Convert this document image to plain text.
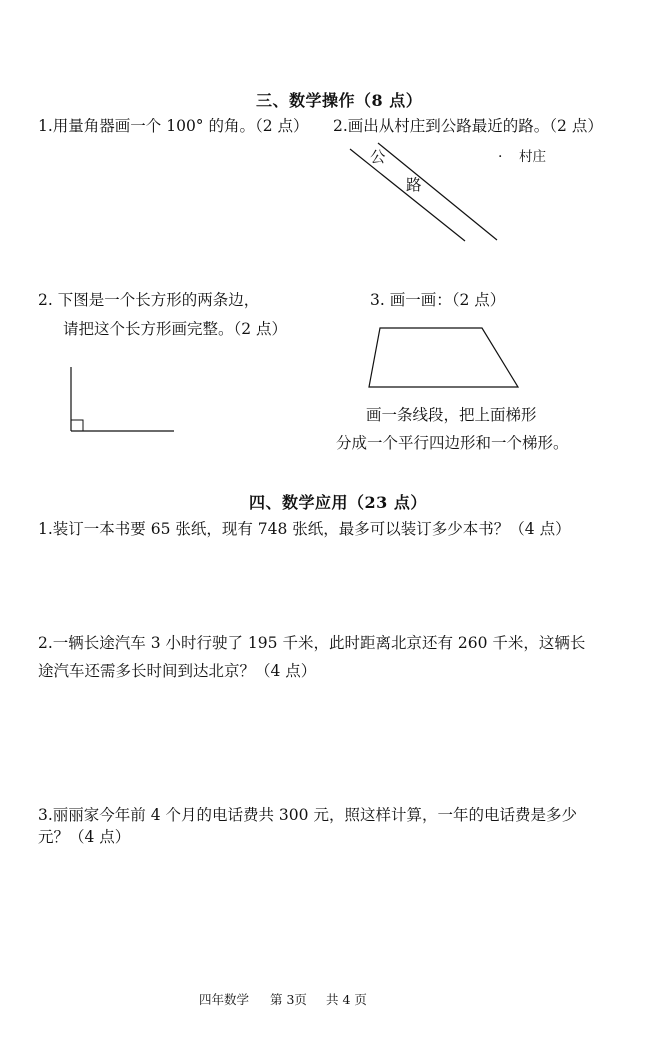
三、数学操作（8 点）
1.用量角器画一个 100° 的角。（2 点） 2.画出从村庄到公路最近的路。（2 点）
公
路
· 村庄
2. 下图是一个长方形的两条边，
请把这个长方形画完整。（2 点）
3. 画一画：（2 点）
画一条线段，把上面梯形
分成一个平行四边形和一个梯形。
四、数学应用（23 点）
1.装订一本书要 65 张纸，现有 748 张纸，最多可以装订多少本书？（4 点）
2.一辆长途汽车 3 小时行驶了 195 千米，此时距离北京还有 260 千米，这辆长
途汽车还需多长时间到达北京？（4 点）
3.丽丽家今年前 4 个月的电话费共 300 元，照这样计算，一年的电话费是多少
元？（4 点）
四年数学 第 3页 共 4 页
